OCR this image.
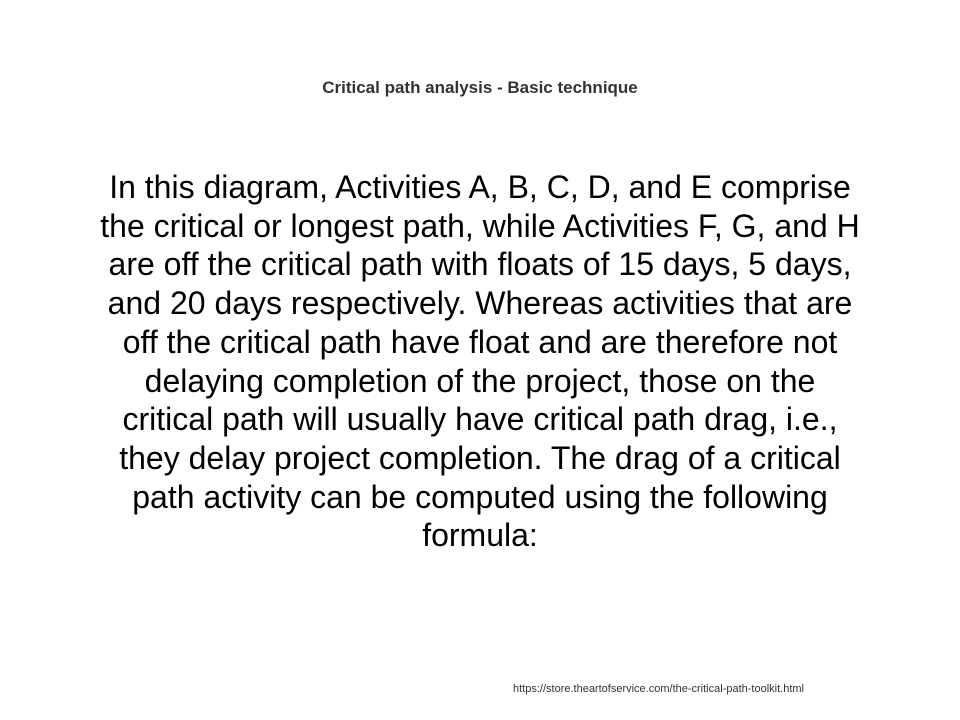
Critical path analysis - Basic technique

In this diagram, Activities A, B, C, D, and E comprise the critical or longest path, while Activities F, G, and H are off the critical path with floats of 15 days, 5 days, and 20 days respectively. Whereas activities that are off the critical path have float and are therefore not delaying completion of the project, those on the critical path will usually have critical path drag, i.e., they delay project completion. The drag of a critical path activity can be computed using the following formula:

https://store.theartofservice.com/the-critical-path-toolkit.html
